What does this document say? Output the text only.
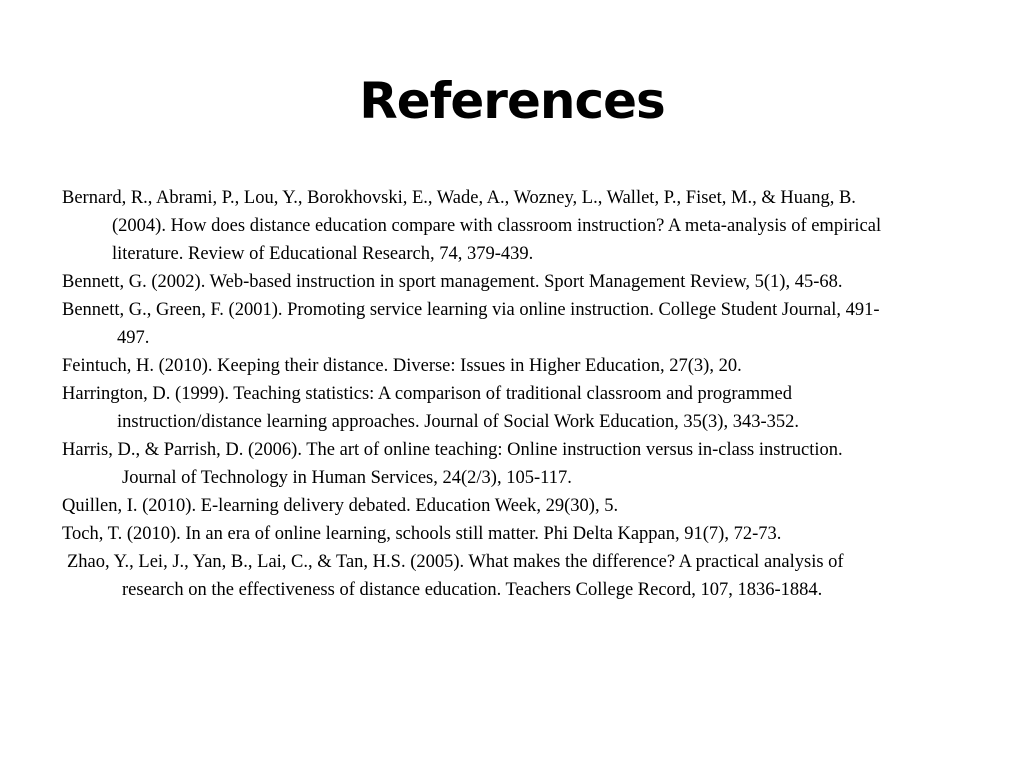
References
Bernard, R., Abrami, P., Lou, Y., Borokhovski, E., Wade, A., Wozney, L., Wallet, P., Fiset, M., & Huang, B.
(2004). How does distance education compare with classroom instruction? A meta-analysis of empirical
literature. Review of Educational Research, 74, 379-439.
Bennett, G. (2002). Web-based instruction in sport management. Sport Management Review, 5(1), 45-68.
Bennett, G., Green, F. (2001). Promoting service learning via online instruction. College Student Journal, 491-
497.
Feintuch, H. (2010). Keeping their distance. Diverse: Issues in Higher Education, 27(3), 20.
Harrington, D. (1999). Teaching statistics: A comparison of traditional classroom and programmed
instruction/distance learning approaches. Journal of Social Work Education, 35(3), 343-352.
Harris, D., & Parrish, D. (2006). The art of online teaching: Online instruction versus in-class instruction.
Journal of Technology in Human Services, 24(2/3), 105-117.
Quillen, I. (2010). E-learning delivery debated. Education Week, 29(30), 5.
Toch, T. (2010). In an era of online learning, schools still matter. Phi Delta Kappan, 91(7), 72-73.
Zhao, Y., Lei, J., Yan, B., Lai, C., & Tan, H.S. (2005). What makes the difference? A practical analysis of
research on the effectiveness of distance education. Teachers College Record, 107, 1836-1884.
